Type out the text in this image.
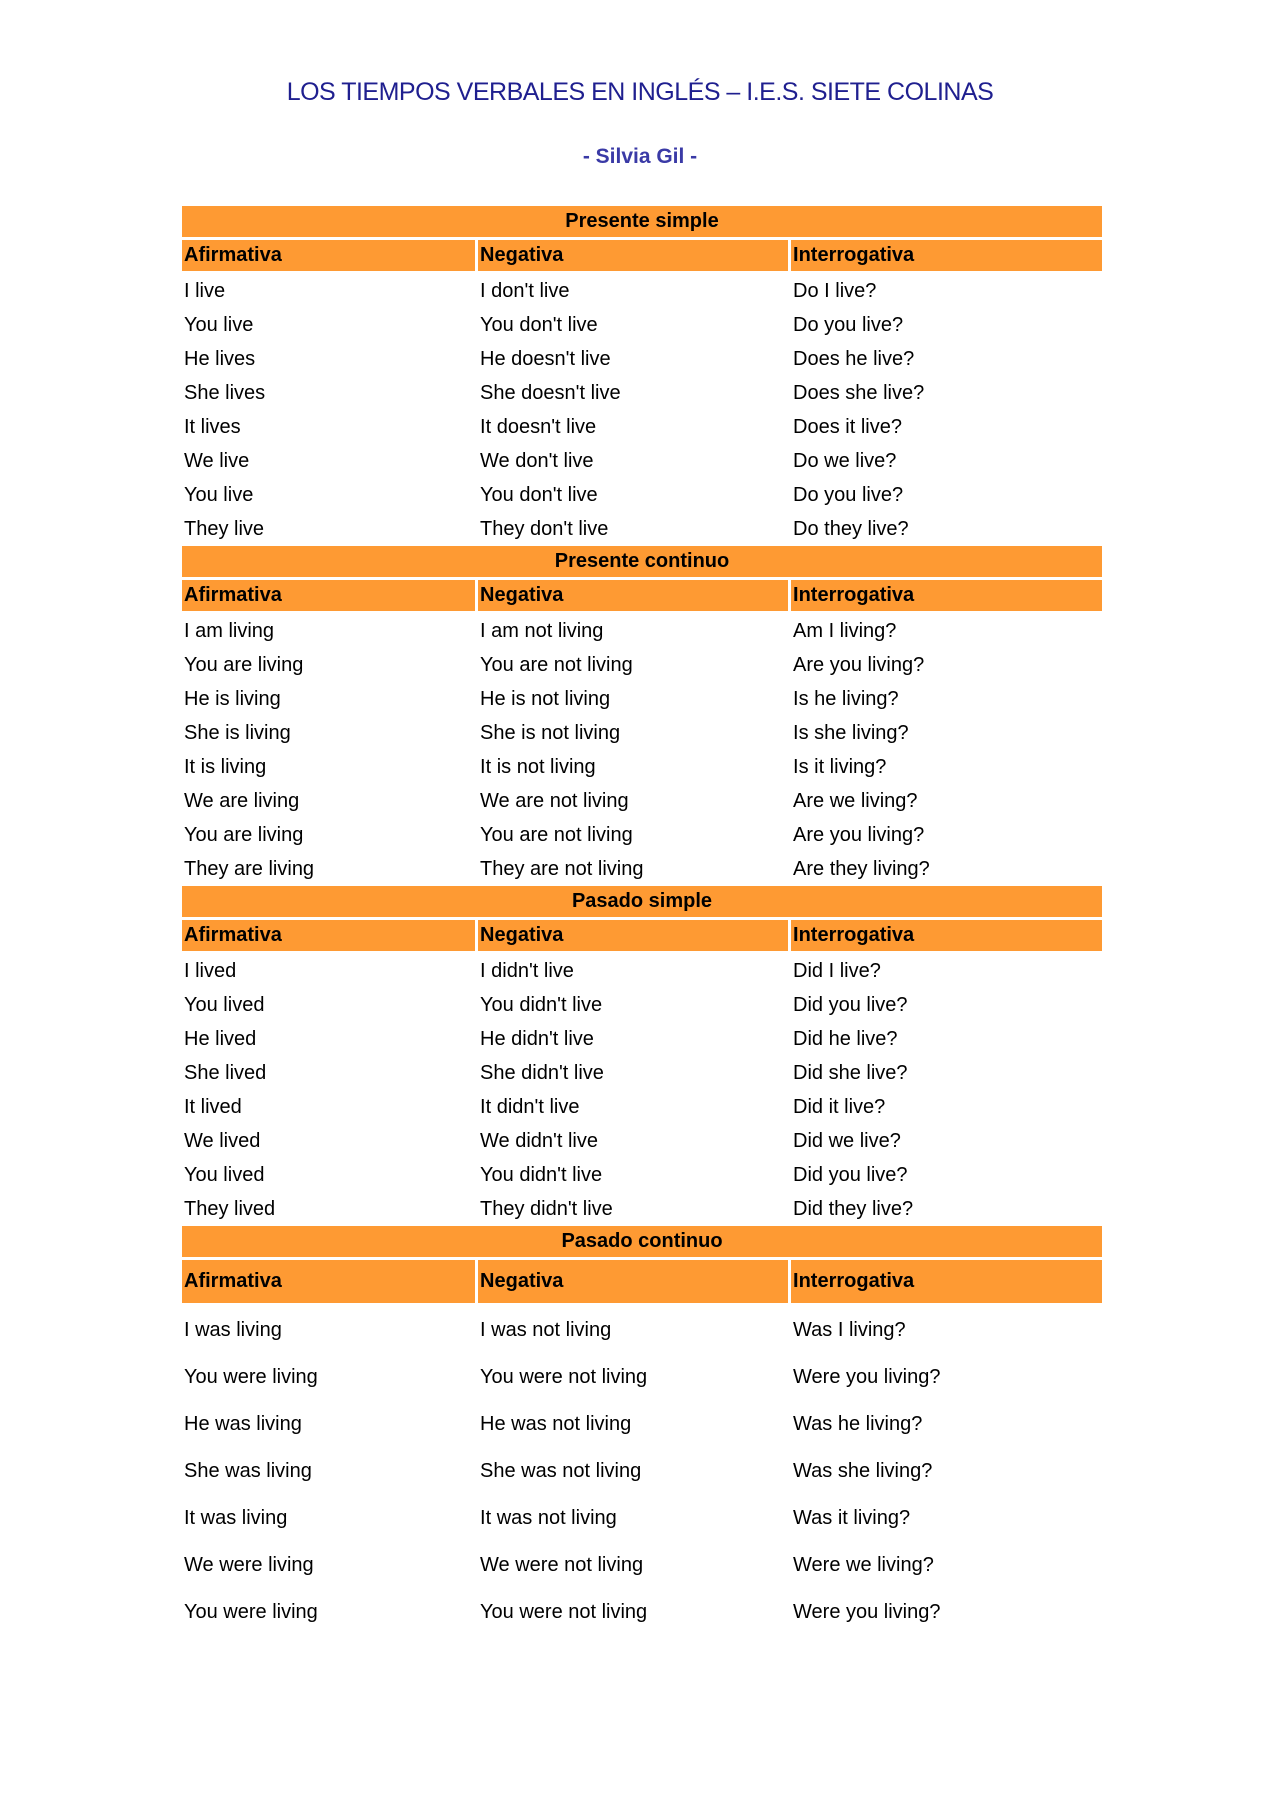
LOS TIEMPOS VERBALES EN INGLÉS – I.E.S. SIETE COLINAS
- Silvia Gil -
Presente simple
Afirmativa	Negativa	Interrogativa
I live	I don't live	Do I live?
You live	You don't live	Do you live?
He lives	He doesn't live	Does he live?
She lives	She doesn't live	Does she live?
It lives	It doesn't live	Does it live?
We live	We don't live	Do we live?
You live	You don't live	Do you live?
They live	They don't live	Do they live?
Presente continuo
Afirmativa	Negativa	Interrogativa
I am living	I am not living	Am I living?
You are living	You are not living	Are you living?
He is living	He is not living	Is he living?
She is living	She is not living	Is she living?
It is living	It is not living	Is it living?
We are living	We are not living	Are we living?
You are living	You are not living	Are you living?
They are living	They are not living	Are they living?
Pasado simple
Afirmativa	Negativa	Interrogativa
I lived	I didn't live	Did I live?
You lived	You didn't live	Did you live?
He lived	He didn't live	Did he live?
She lived	She didn't live	Did she live?
It lived	It didn't live	Did it live?
We lived	We didn't live	Did we live?
You lived	You didn't live	Did you live?
They lived	They didn't live	Did they live?
Pasado continuo
Afirmativa	Negativa	Interrogativa
I was living	I was not living	Was I living?
You were living	You were not living	Were you living?
He was living	He was not living	Was he living?
She was living	She was not living	Was she living?
It was living	It was not living	Was it living?
We were living	We were not living	Were we living?
You were living	You were not living	Were you living?
